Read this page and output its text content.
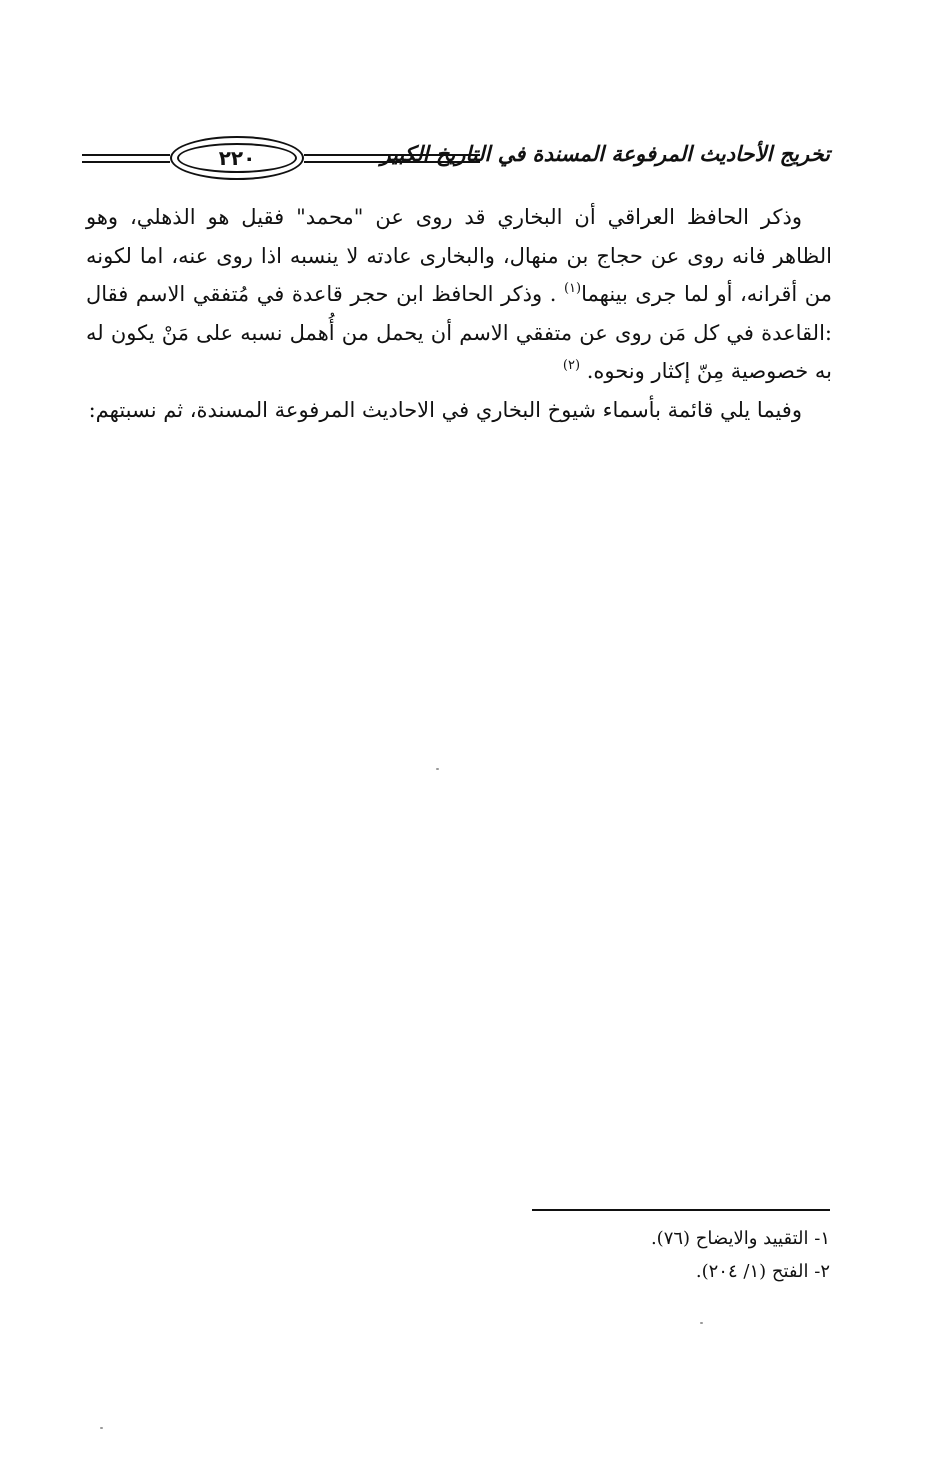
٢٢٠	تخريج الأحاديث المرفوعة المسندة في التاريخ الكبير

وذكر الحافظ العراقي أن البخاري قد روى عن "محمد" فقيل هو الذهلي، وهو الظاهر فانه روى عن حجاج بن منهال، والبخارى عادته لا ينسبه اذا روى عنه، اما لكونه من أقرانه، أو لما جرى بينهما$^{(١)}$ . وذكر الحافظ ابن حجر قاعدة في مُتفقي الاسم فقال :القاعدة في كل مَن روى عن متفقي الاسم أن يحمل من أُهمل نسبه على مَنْ يكون له به خصوصية مِنّ إكثار ونحوه. $^{(٢)}$

وفيما يلي قائمة بأسماء شيوخ البخاري في الاحاديث المرفوعة المسندة، ثم نسبتهم:

١- التقييد والايضاح (٧٦).

٢- الفتح (١/ ٢٠٤).
